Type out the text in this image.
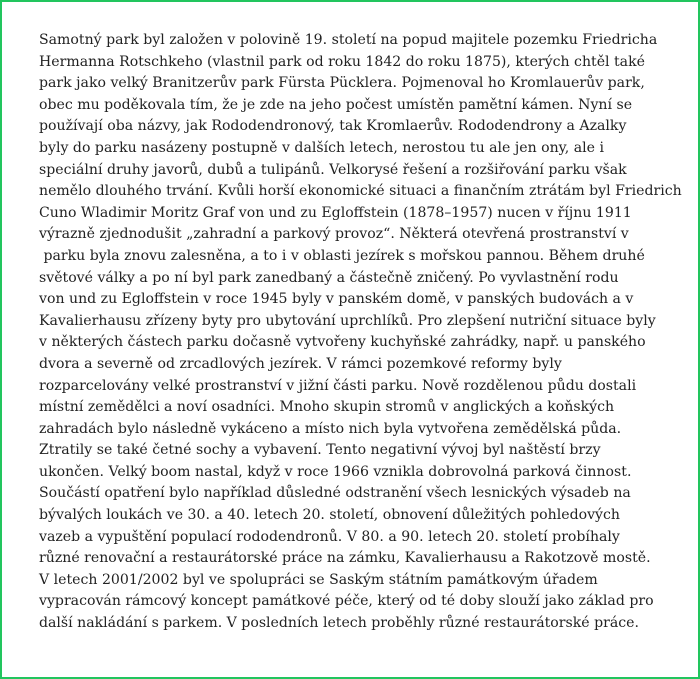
Samotný park byl založen v polovině 19. století na popud majitele pozemku Friedricha
Hermanna Rotschkeho (vlastnil park od roku 1842 do roku 1875), kterých chtěl také
park jako velký Branitzerův park Fürsta Pücklera. Pojmenoval ho Kromlauerův park,
obec mu poděkovala tím, že je zde na jeho počest umístěn pamětní kámen. Nyní se
používají oba názvy, jak Rododendronový, tak Kromlaerův. Rododendrony a Azalky
byly do parku nasázeny postupně v dalších letech, nerostou tu ale jen ony, ale i
speciální druhy javorů, dubů a tulipánů. Velkorysé řešení a rozšiřování parku však
nemělo dlouhého trvání. Kvůli horší ekonomické situaci a finančním ztrátám byl Friedrich
Cuno Wladimir Moritz Graf von und zu Egloffstein (1878–1957) nucen v říjnu 1911
výrazně zjednodušit „zahradní a parkový provoz“. Některá otevřená prostranství v
parku byla znovu zalesněna, a to i v oblasti jezírek s mořskou pannou. Během druhé
světové války a po ní byl park zanedbaný a částečně zničený. Po vyvlastnění rodu
von und zu Egloffstein v roce 1945 byly v panském domě, v panských budovách a v
Kavalierhausu zřízeny byty pro ubytování uprchlíků. Pro zlepšení nutriční situace byly
v některých částech parku dočasně vytvořeny kuchyňské zahrádky, např. u panského
dvora a severně od zrcadlových jezírek. V rámci pozemkové reformy byly
rozparcelovány velké prostranství v jižní části parku. Nově rozdělenou půdu dostali
místní zemědělci a noví osadníci. Mnoho skupin stromů v anglických a koňských
zahradách bylo následně vykáceno a místo nich byla vytvořena zemědělská půda.
Ztratily se také četné sochy a vybavení. Tento negativní vývoj byl naštěstí brzy
ukončen. Velký boom nastal, když v roce 1966 vznikla dobrovolná parková činnost.
Součástí opatření bylo například důsledné odstranění všech lesnických výsadeb na
bývalých loukách ve 30. a 40. letech 20. století, obnovení důležitých pohledových
vazeb a vypuštění populací rododendronů. V 80. a 90. letech 20. století probíhaly
různé renovační a restaurátorské práce na zámku, Kavalierhausu a Rakotzově mostě.
V letech 2001/2002 byl ve spolupráci se Saským státním památkovým úřadem
vypracován rámcový koncept památkové péče, který od té doby slouží jako základ pro
další nakládání s parkem. V posledních letech proběhly různé restaurátorské práce.
